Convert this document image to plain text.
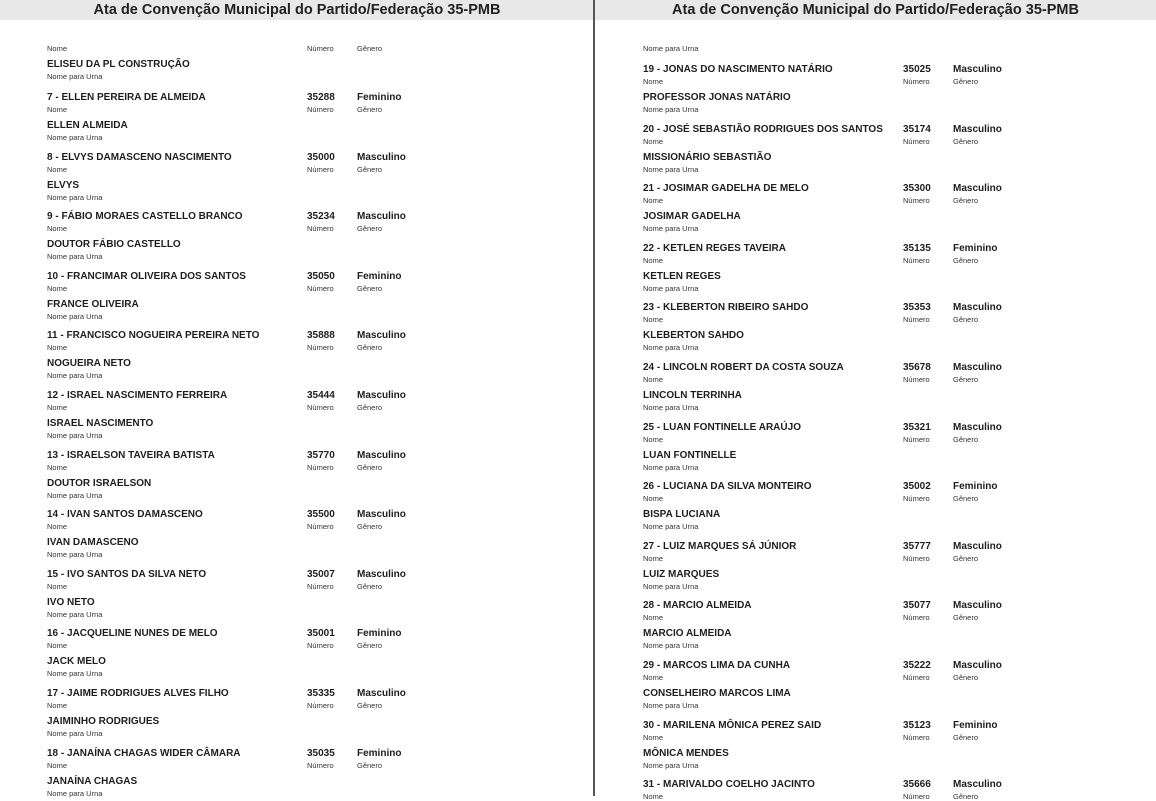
Ata de Convenção Municipal do Partido/Federação 35-PMB
Nome	Número	Gênero
ELISEU DA PL CONSTRUÇÃO
Nome para Urna
7 - ELLEN PEREIRA DE ALMEIDA	35288 Feminino
Nome	Número	Gênero
ELLEN ALMEIDA
Nome para Urna
8 - ELVYS DAMASCENO NASCIMENTO	35000 Masculino
Nome	Número	Gênero
ELVYS
Nome para Urna
9 - FÁBIO MORAES CASTELLO BRANCO	35234 Masculino
Nome	Número	Gênero
DOUTOR FÁBIO CASTELLO
Nome para Urna
10 - FRANCIMAR OLIVEIRA DOS SANTOS	35050 Feminino
Nome	Número	Gênero
FRANCE OLIVEIRA
Nome para Urna
11 - FRANCISCO NOGUEIRA PEREIRA NETO	35888 Masculino
Nome	Número	Gênero
NOGUEIRA NETO
Nome para Urna
12 - ISRAEL NASCIMENTO FERREIRA	35444 Masculino
Nome	Número	Gênero
ISRAEL NASCIMENTO
Nome para Urna
13 - ISRAELSON TAVEIRA BATISTA	35770 Masculino
Nome	Número	Gênero
DOUTOR ISRAELSON
Nome para Urna
14 - IVAN SANTOS DAMASCENO	35500 Masculino
Nome	Número	Gênero
IVAN DAMASCENO
Nome para Urna
15 - IVO SANTOS DA SILVA NETO	35007 Masculino
Nome	Número	Gênero
IVO NETO
Nome para Urna
16 - JACQUELINE NUNES DE MELO	35001 Feminino
Nome	Número	Gênero
JACK MELO
Nome para Urna
17 - JAIME RODRIGUES ALVES FILHO	35335 Masculino
Nome	Número	Gênero
JAIMINHO RODRIGUES
Nome para Urna
18 - JANAÍNA CHAGAS WIDER CÂMARA	35035 Feminino
Nome	Número	Gênero
JANAÍNA CHAGAS
Nome para Urna
Ata de Convenção Municipal do Partido/Federação 35-PMB
Nome para Urna
19 - JONAS DO NASCIMENTO NATÁRIO	35025 Masculino
Nome	Número	Gênero
PROFESSOR JONAS NATÁRIO
Nome para Urna
20 - JOSÉ SEBASTIÃO RODRIGUES DOS SANTOS 35174 Masculino
Nome	Número	Gênero
MISSIONÁRIO SEBASTIÃO
Nome para Urna
21 - JOSIMAR GADELHA DE MELO	35300 Masculino
Nome	Número	Gênero
JOSIMAR GADELHA
Nome para Urna
22 - KETLEN REGES TAVEIRA	35135 Feminino
Nome	Número	Gênero
KETLEN REGES
Nome para Urna
23 - KLEBERTON RIBEIRO SAHDO	35353 Masculino
Nome	Número	Gênero
KLEBERTON SAHDO
Nome para Urna
24 - LINCOLN ROBERT DA COSTA SOUZA	35678 Masculino
Nome	Número	Gênero
LINCOLN TERRINHA
Nome para Urna
25 - LUAN FONTINELLE ARAÚJO	35321 Masculino
Nome	Número	Gênero
LUAN FONTINELLE
Nome para Urna
26 - LUCIANA DA SILVA MONTEIRO	35002 Feminino
Nome	Número	Gênero
BISPA LUCIANA
Nome para Urna
27 - LUIZ MARQUES SÁ JÚNIOR	35777 Masculino
Nome	Número	Gênero
LUIZ MARQUES
Nome para Urna
28 - MARCIO ALMEIDA	35077 Masculino
Nome	Número	Gênero
MARCIO ALMEIDA
Nome para Urna
29 - MARCOS LIMA DA CUNHA	35222 Masculino
Nome	Número	Gênero
CONSELHEIRO MARCOS LIMA
Nome para Urna
30 - MARILENA MÔNICA PEREZ SAID	35123 Feminino
Nome	Número	Gênero
MÔNICA MENDES
Nome para Urna
31 - MARIVALDO COELHO JACINTO	35666 Masculino
Nome	Número	Gênero
